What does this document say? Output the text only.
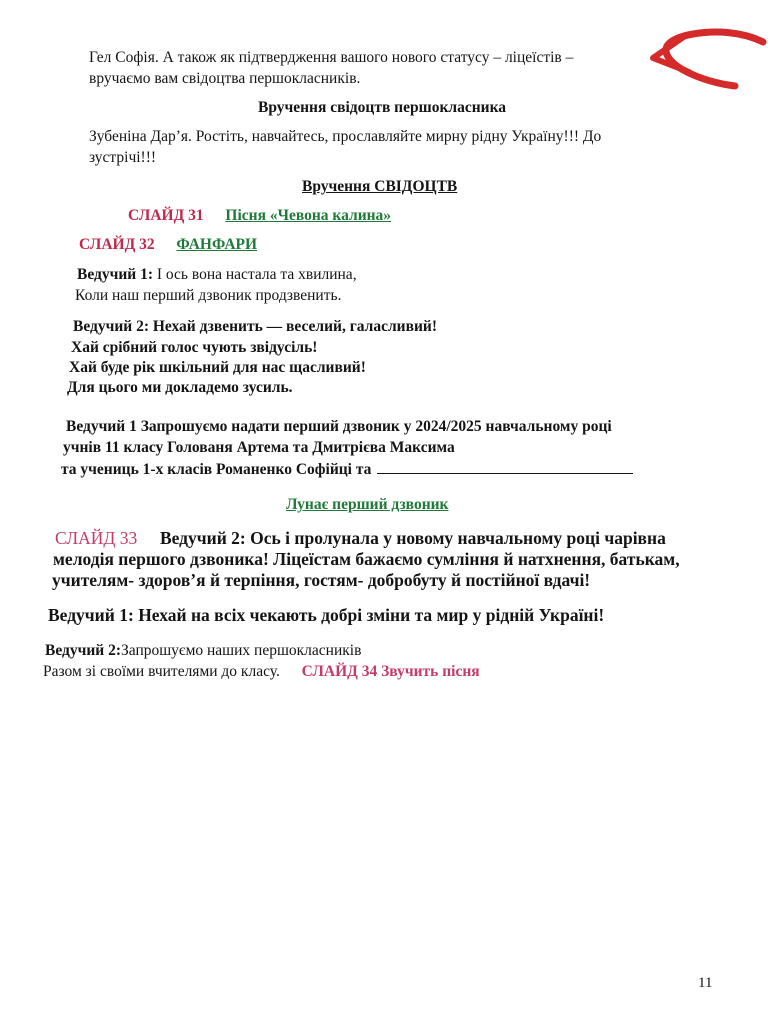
Гел Софія. А також як підтвердження вашого нового статусу – ліцеїстів –
вручаємо вам свідоцтва першокласників.
Вручення свідоцтв першокласника
Зубеніна Дар’я. Ростіть, навчайтесь, прославляйте мирну рідну Україну!!! До
зустрічі!!!
Вручення СВІДОЦТВ
СЛАЙД 31 Пісня «Чевона калина»
СЛАЙД 32 ФАНФАРИ
Ведучий 1: І ось вона настала та хвилина,
Коли наш перший дзвоник продзвенить.
Ведучий 2: Нехай дзвенить — веселий, галасливий!
Хай срібний голос чують звідусіль!
Хай буде рік шкільний для нас щасливий!
Для цього ми докладемо зусиль.
Ведучий 1 Запрошуємо надати перший дзвоник у 2024/2025 навчальному році
учнів 11 класу Голованя Артема та Дмитрієва Максима
та учениць 1-х класів Романенко Софійці та
Лунає перший дзвоник
СЛАЙД 33 Ведучий 2: Ось і пролунала у новому навчальному році чарівна
мелодія першого дзвоника! Ліцеїстам бажаємо сумління й натхнення, батькам,
учителям- здоров’я й терпіння, гостям- добробуту й постійної вдачі!
Ведучий 1: Нехай на всіх чекають добрі зміни та мир у рідній Україні!
Ведучий 2:Запрошуємо наших першокласників
Разом зі своїми вчителями до класу. СЛАЙД 34 Звучить пісня
11
